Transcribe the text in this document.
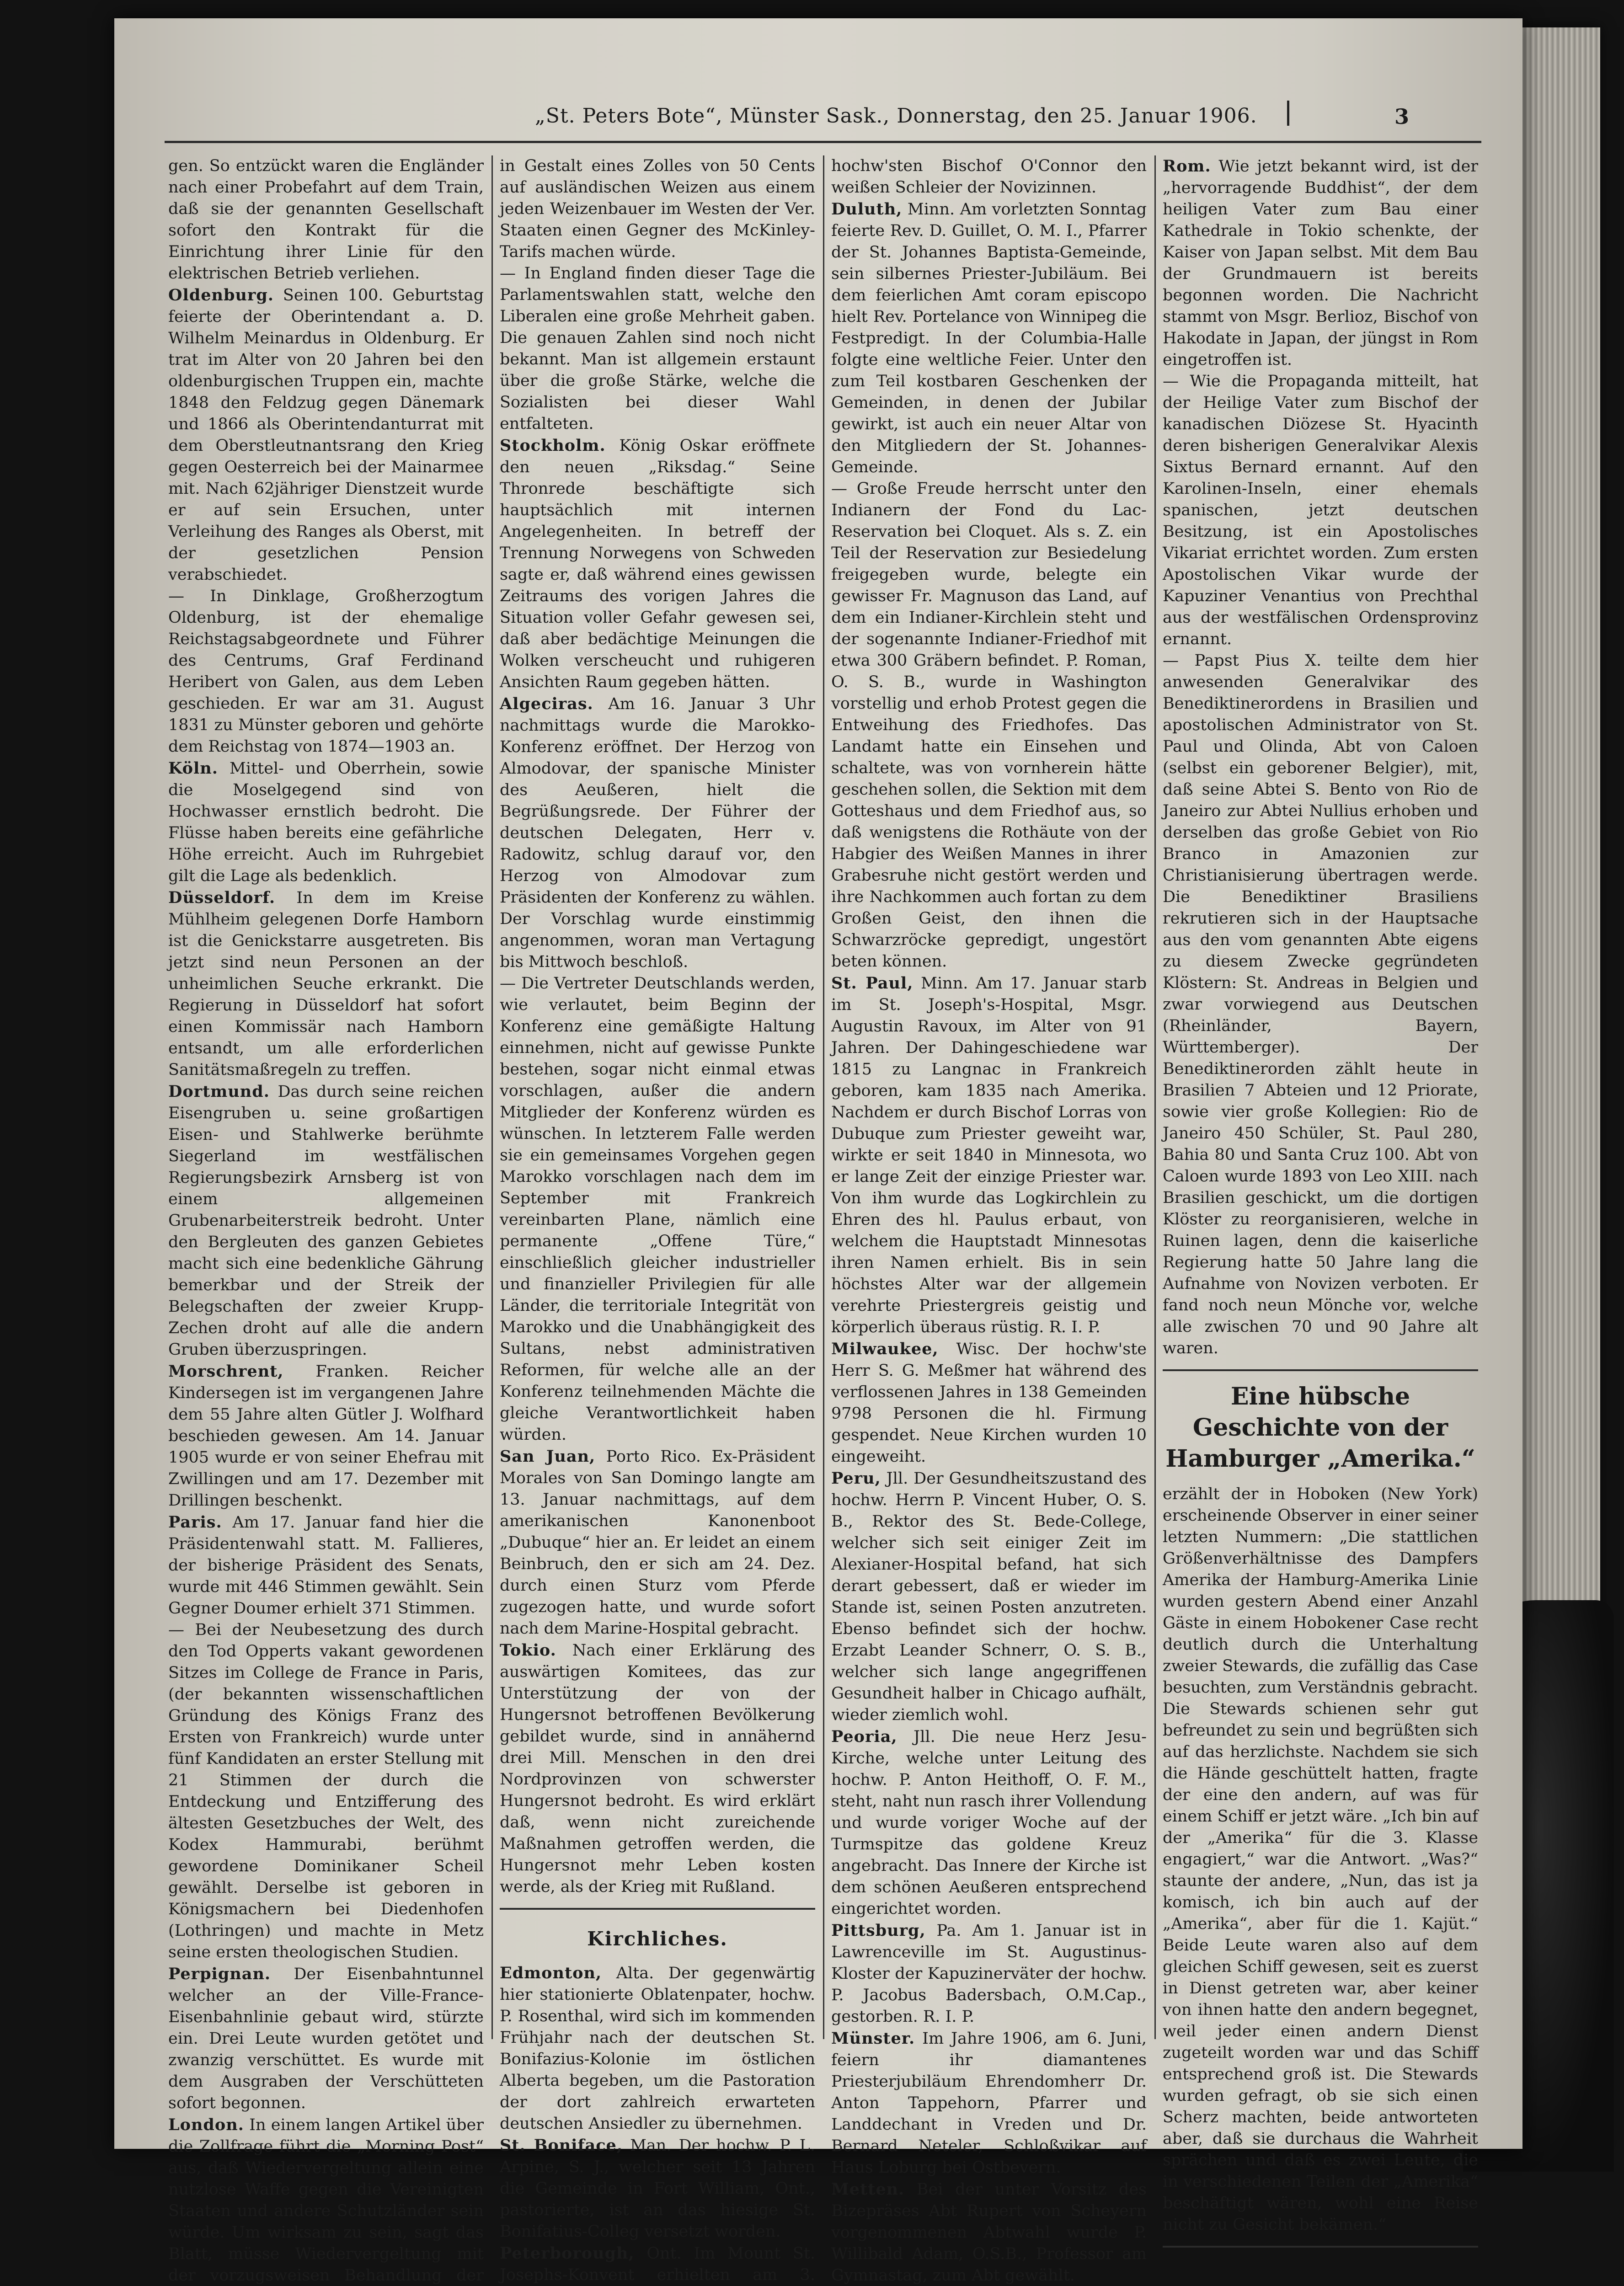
„St. Peters Bote“, Münster Sask., Donnerstag, den 25. Januar 1906.	3

gen. So entzückt waren die Engländer nach einer Probefahrt auf dem Train, daß sie der genannten Gesellschaft sofort den Kontrakt für die Einrichtung ihrer Linie für den elektrischen Betrieb verliehen.

Oldenburg. Seinen 100. Geburtstag feierte der Oberintendant a. D. Wilhelm Meinardus in Oldenburg. Er trat im Alter von 20 Jahren bei den oldenburgischen Truppen ein, machte 1848 den Feldzug gegen Dänemark und 1866 als Oberintendanturrat mit dem Oberstleutnantsrang den Krieg gegen Oesterreich bei der Mainarmee mit. Nach 62jähriger Dienstzeit wurde er auf sein Ersuchen, unter Verleihung des Ranges als Oberst, mit der gesetzlichen Pension verabschiedet.

— In Dinklage, Großherzogtum Oldenburg, ist der ehemalige Reichstagsabgeordnete und Führer des Centrums, Graf Ferdinand Heribert von Galen, aus dem Leben geschieden. Er war am 31. August 1831 zu Münster geboren und gehörte dem Reichstag von 1874—1903 an.

Köln. Mittel- und Oberrhein, sowie die Moselgegend sind von Hochwasser ernstlich bedroht. Die Flüsse haben bereits eine gefährliche Höhe erreicht. Auch im Ruhrgebiet gilt die Lage als bedenklich.

Düsseldorf. In dem im Kreise Mühlheim gelegenen Dorfe Hamborn ist die Genickstarre ausgetreten. Bis jetzt sind neun Personen an der unheimlichen Seuche erkrankt. Die Regierung in Düsseldorf hat sofort einen Kommissär nach Hamborn entsandt, um alle erforderlichen Sanitätsmaßregeln zu treffen.

Dortmund. Das durch seine reichen Eisengruben u. seine großartigen Eisen- und Stahlwerke berühmte Siegerland im westfälischen Regierungsbezirk Arnsberg ist von einem allgemeinen Grubenarbeiterstreik bedroht. Unter den Bergleuten des ganzen Gebietes macht sich eine bedenkliche Gährung bemerkbar und der Streik der Belegschaften der zweier Krupp-Zechen droht auf alle die andern Gruben überzuspringen.

Morschrent, Franken. Reicher Kindersegen ist im vergangenen Jahre dem 55 Jahre alten Gütler J. Wolfhard beschieden gewesen. Am 14. Januar 1905 wurde er von seiner Ehefrau mit Zwillingen und am 17. Dezember mit Drillingen beschenkt.

Paris. Am 17. Januar fand hier die Präsidentenwahl statt. M. Fallieres, der bisherige Präsident des Senats, wurde mit 446 Stimmen gewählt. Sein Gegner Doumer erhielt 371 Stimmen.

— Bei der Neubesetzung des durch den Tod Opperts vakant gewordenen Sitzes im College de France in Paris, (der bekannten wissenschaftlichen Gründung des Königs Franz des Ersten von Frankreich) wurde unter fünf Kandidaten an erster Stellung mit 21 Stimmen der durch die Entdeckung und Entzifferung des ältesten Gesetzbuches der Welt, des Kodex Hammurabi, berühmt gewordene Dominikaner Scheil gewählt. Derselbe ist geboren in Königsmachern bei Diedenhofen (Lothringen) und machte in Metz seine ersten theologischen Studien.

Perpignan. Der Eisenbahntunnel welcher an der Ville-France-Eisenbahnlinie gebaut wird, stürzte ein. Drei Leute wurden getötet und zwanzig verschüttet. Es wurde mit dem Ausgraben der Verschütteten sofort begonnen.

London. In einem langen Artikel über die Zollfrage führt die „Morning Post“ aus, daß Wiedervergeltung allein eine nutzlose Waffe gegen die Vereinigten Staaten und andere Schutzländer sein würde. Um wirksam zu sein, sagt das Blatt, müsse Wiedervergeltung mit der vorzugsweisen Behandlung der

in Gestalt eines Zolles von 50 Cents auf ausländischen Weizen aus einem jeden Weizenbauer im Westen der Ver. Staaten einen Gegner des McKinley-Tarifs machen würde.

— In England finden dieser Tage die Parlamentswahlen statt, welche den Liberalen eine große Mehrheit gaben. Die genauen Zahlen sind noch nicht bekannt. Man ist allgemein erstaunt über die große Stärke, welche die Sozialisten bei dieser Wahl entfalteten.

Stockholm. König Oskar eröffnete den neuen „Riksdag.“ Seine Thronrede beschäftigte sich hauptsächlich mit internen Angelegenheiten. In betreff der Trennung Norwegens von Schweden sagte er, daß während eines gewissen Zeitraums des vorigen Jahres die Situation voller Gefahr gewesen sei, daß aber bedächtige Meinungen die Wolken verscheucht und ruhigeren Ansichten Raum gegeben hätten.

Algeciras. Am 16. Januar 3 Uhr nachmittags wurde die Marokko-Konferenz eröffnet. Der Herzog von Almodovar, der spanische Minister des Aeußeren, hielt die Begrüßungsrede. Der Führer der deutschen Delegaten, Herr v. Radowitz, schlug darauf vor, den Herzog von Almodovar zum Präsidenten der Konferenz zu wählen. Der Vorschlag wurde einstimmig angenommen, woran man Vertagung bis Mittwoch beschloß.

— Die Vertreter Deutschlands werden, wie verlautet, beim Beginn der Konferenz eine gemäßigte Haltung einnehmen, nicht auf gewisse Punkte bestehen, sogar nicht einmal etwas vorschlagen, außer die andern Mitglieder der Konferenz würden es wünschen. In letzterem Falle werden sie ein gemeinsames Vorgehen gegen Marokko vorschlagen nach dem im September mit Frankreich vereinbarten Plane, nämlich eine permanente „Offene Türe,“ einschließlich gleicher industrieller und finanzieller Privilegien für alle Länder, die territoriale Integrität von Marokko und die Unabhängigkeit des Sultans, nebst administrativen Reformen, für welche alle an der Konferenz teilnehmenden Mächte die gleiche Verantwortlichkeit haben würden.

San Juan, Porto Rico. Ex-Präsident Morales von San Domingo langte am 13. Januar nachmittags, auf dem amerikanischen Kanonenboot „Dubuque“ hier an. Er leidet an einem Beinbruch, den er sich am 24. Dez. durch einen Sturz vom Pferde zugezogen hatte, und wurde sofort nach dem Marine-Hospital gebracht.

Tokio. Nach einer Erklärung des auswärtigen Komitees, das zur Unterstützung der von der Hungersnot betroffenen Bevölkerung gebildet wurde, sind in annähernd drei Mill. Menschen in den drei Nordprovinzen von schwerster Hungersnot bedroht. Es wird erklärt daß, wenn nicht zureichende Maßnahmen getroffen werden, die Hungersnot mehr Leben kosten werde, als der Krieg mit Rußland.

Kirchliches.

Edmonton, Alta. Der gegenwärtig hier stationierte Oblatenpater, hochw. P. Rosenthal, wird sich im kommenden Frühjahr nach der deutschen St. Bonifazius-Kolonie im östlichen Alberta begeben, um die Pastoration der dort zahlreich erwarteten deutschen Ansiedler zu übernehmen.

St. Boniface, Man. Der hochw. P. L. Arpine, S. J., welcher seit 13 Jahren die Gemeinde in Fort William, Ont., pastorierte, ist an das hiesige St. Bonifatius-Colleg versetzt worden.

Peterborough, Ont. Im Mount St. Josephs-Konvent erhielten am 3.

hochw'sten Bischof O'Connor den weißen Schleier der Novizinnen.

Duluth, Minn. Am vorletzten Sonntag feierte Rev. D. Guillet, O. M. I., Pfarrer der St. Johannes Baptista-Gemeinde, sein silbernes Priester-Jubiläum. Bei dem feierlichen Amt coram episcopo hielt Rev. Portelance von Winnipeg die Festpredigt. In der Columbia-Halle folgte eine weltliche Feier. Unter den zum Teil kostbaren Geschenken der Gemeinden, in denen der Jubilar gewirkt, ist auch ein neuer Altar von den Mitgliedern der St. Johannes-Gemeinde.

— Große Freude herrscht unter den Indianern der Fond du Lac-Reservation bei Cloquet. Als s. Z. ein Teil der Reservation zur Besiedelung freigegeben wurde, belegte ein gewisser Fr. Magnuson das Land, auf dem ein Indianer-Kirchlein steht und der sogenannte Indianer-Friedhof mit etwa 300 Gräbern befindet. P. Roman, O. S. B., wurde in Washington vorstellig und erhob Protest gegen die Entweihung des Friedhofes. Das Landamt hatte ein Einsehen und schaltete, was von vornherein hätte geschehen sollen, die Sektion mit dem Gotteshaus und dem Friedhof aus, so daß wenigstens die Rothäute von der Habgier des Weißen Mannes in ihrer Grabesruhe nicht gestört werden und ihre Nachkommen auch fortan zu dem Großen Geist, den ihnen die Schwarzröcke gepredigt, ungestört beten können.

St. Paul, Minn. Am 17. Januar starb im St. Joseph's-Hospital, Msgr. Augustin Ravoux, im Alter von 91 Jahren. Der Dahingeschiedene war 1815 zu Langnac in Frankreich geboren, kam 1835 nach Amerika. Nachdem er durch Bischof Lorras von Dubuque zum Priester geweiht war, wirkte er seit 1840 in Minnesota, wo er lange Zeit der einzige Priester war. Von ihm wurde das Logkirchlein zu Ehren des hl. Paulus erbaut, von welchem die Hauptstadt Minnesotas ihren Namen erhielt. Bis in sein höchstes Alter war der allgemein verehrte Priestergreis geistig und körperlich überaus rüstig. R. I. P.

Milwaukee, Wisc. Der hochw'ste Herr S. G. Meßmer hat während des verflossenen Jahres in 138 Gemeinden 9798 Personen die hl. Firmung gespendet. Neue Kirchen wurden 10 eingeweiht.

Peru, Jll. Der Gesundheitszustand des hochw. Herrn P. Vincent Huber, O. S. B., Rektor des St. Bede-College, welcher sich seit einiger Zeit im Alexianer-Hospital befand, hat sich derart gebessert, daß er wieder im Stande ist, seinen Posten anzutreten. Ebenso befindet sich der hochw. Erzabt Leander Schnerr, O. S. B., welcher sich lange angegriffenen Gesundheit halber in Chicago aufhält, wieder ziemlich wohl.

Peoria, Jll. Die neue Herz Jesu-Kirche, welche unter Leitung des hochw. P. Anton Heithoff, O. F. M., steht, naht nun rasch ihrer Vollendung und wurde voriger Woche auf der Turmspitze das goldene Kreuz angebracht. Das Innere der Kirche ist dem schönen Aeußeren entsprechend eingerichtet worden.

Pittsburg, Pa. Am 1. Januar ist in Lawrenceville im St. Augustinus-Kloster der Kapuzinerväter der hochw. P. Jacobus Badersbach, O.M.Cap., gestorben. R. I. P.

Münster. Im Jahre 1906, am 6. Juni, feiern ihr diamantenes Priesterjubiläum Ehrendomherr Dr. Anton Tappehorn, Pfarrer und Landdechant in Vreden und Dr. Bernard Neteler, Schloßvikar auf Haus Loburg bei Ostbevern.

Metten. Bei der unter Vorsitz des Bizepräses Abt Rupert von Scheyern vorgenommenen Abtwahl wurde P. Willibald Adam, O.S.B., Professor am Gymnastag, zum Abt gewählt.

Rom. Wie jetzt bekannt wird, ist der „hervorragende Buddhist“, der dem heiligen Vater zum Bau einer Kathedrale in Tokio schenkte, der Kaiser von Japan selbst. Mit dem Bau der Grundmauern ist bereits begonnen worden. Die Nachricht stammt von Msgr. Berlioz, Bischof von Hakodate in Japan, der jüngst in Rom eingetroffen ist.

— Wie die Propaganda mitteilt, hat der Heilige Vater zum Bischof der kanadischen Diözese St. Hyacinth deren bisherigen Generalvikar Alexis Sixtus Bernard ernannt. Auf den Karolinen-Inseln, einer ehemals spanischen, jetzt deutschen Besitzung, ist ein Apostolisches Vikariat errichtet worden. Zum ersten Apostolischen Vikar wurde der Kapuziner Venantius von Prechthal aus der westfälischen Ordensprovinz ernannt.

— Papst Pius X. teilte dem hier anwesenden Generalvikar des Benediktinerordens in Brasilien und apostolischen Administrator von St. Paul und Olinda, Abt von Caloen (selbst ein geborener Belgier), mit, daß seine Abtei S. Bento von Rio de Janeiro zur Abtei Nullius erhoben und derselben das große Gebiet von Rio Branco in Amazonien zur Christianisierung übertragen werde. Die Benediktiner Brasiliens rekrutieren sich in der Hauptsache aus den vom genannten Abte eigens zu diesem Zwecke gegründeten Klöstern: St. Andreas in Belgien und zwar vorwiegend aus Deutschen (Rheinländer, Bayern, Württemberger). Der Benediktinerorden zählt heute in Brasilien 7 Abteien und 12 Priorate, sowie vier große Kollegien: Rio de Janeiro 450 Schüler, St. Paul 280, Bahia 80 und Santa Cruz 100. Abt von Caloen wurde 1893 von Leo XIII. nach Brasilien geschickt, um die dortigen Klöster zu reorganisieren, welche in Ruinen lagen, denn die kaiserliche Regierung hatte 50 Jahre lang die Aufnahme von Novizen verboten. Er fand noch neun Mönche vor, welche alle zwischen 70 und 90 Jahre alt waren.

Eine hübsche Geschichte von der Hamburger „Amerika.“

erzählt der in Hoboken (New York) erscheinende Observer in einer seiner letzten Nummern: „Die stattlichen Größenverhältnisse des Dampfers Amerika der Hamburg-Amerika Linie wurden gestern Abend einer Anzahl Gäste in einem Hobokener Case recht deutlich durch die Unterhaltung zweier Stewards, die zufällig das Case besuchten, zum Verständnis gebracht. Die Stewards schienen sehr gut befreundet zu sein und begrüßten sich auf das herzlichste. Nachdem sie sich die Hände geschüttelt hatten, fragte der eine den andern, auf was für einem Schiff er jetzt wäre. „Ich bin auf der „Amerika“ für die 3. Klasse engagiert,“ war die Antwort. „Was?“ staunte der andere, „Nun, das ist ja komisch, ich bin auch auf der „Amerika“, aber für die 1. Kajüt.“ Beide Leute waren also auf dem gleichen Schiff gewesen, seit es zuerst in Dienst getreten war, aber keiner von ihnen hatte den andern begegnet, weil jeder einen andern Dienst zugeteilt worden war und das Schiff entsprechend groß ist. Die Stewards wurden gefragt, ob sie sich einen Scherz machten, beide antworteten aber, daß sie durchaus die Wahrheit sprächen und daß es zwei Leute, die in verschiedenen Teilen der „Amerika“ beschäftigt wären, wohl eine Reise nicht zu Gesicht bekämen.“
